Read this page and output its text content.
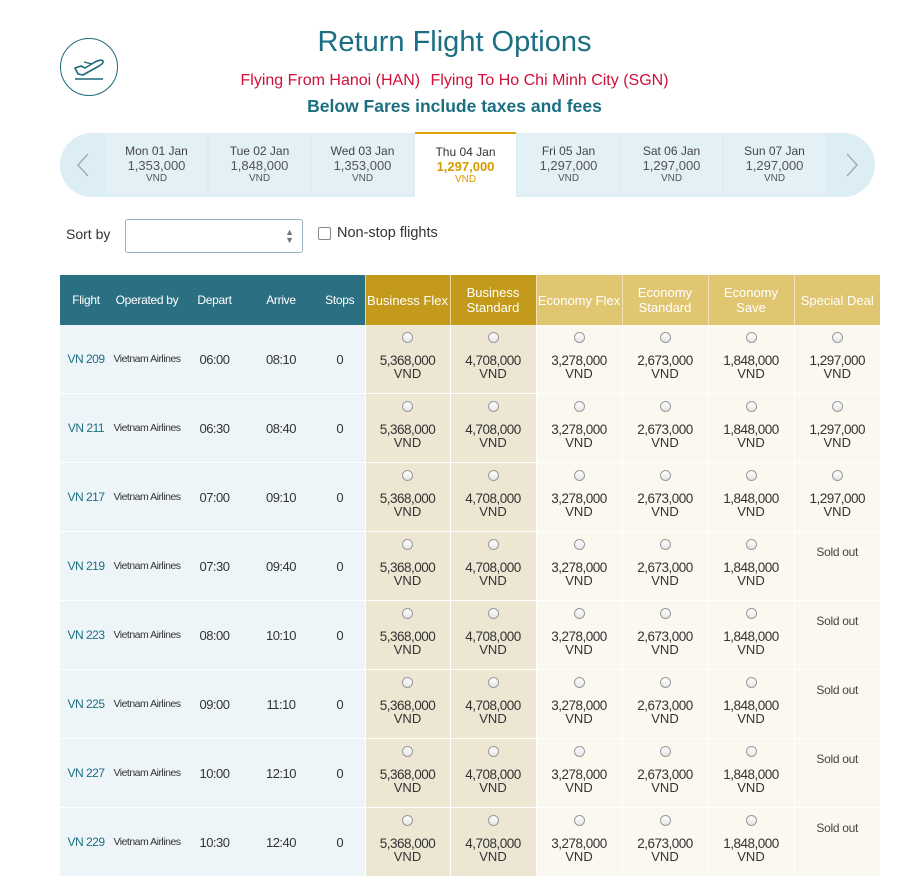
Return Flight Options
Flying From Hanoi (HAN) Flying To Ho Chi Minh City (SGN)
Below Fares include taxes and fees
Mon 01 Jan
1,353,000
VND
Tue 02 Jan
1,848,000
VND
Wed 03 Jan
1,353,000
VND
Thu 04 Jan
1,297,000
VND
Fri 05 Jan
1,297,000
VND
Sat 06 Jan
1,297,000
VND
Sun 07 Jan
1,297,000
VND
Sort by	▲
▼	Non-stop flights
Flight	Operated by	Depart	Arrive	Stops	Business Flex	Business Standard	Economy Flex	Economy Standard	Economy Save	Special Deal
VN 209	Vietnam Airlines	06:00	08:10	0	5,368,000
VND	4,708,000
VND	3,278,000
VND	2,673,000
VND	1,848,000
VND	1,297,000
VND

VN 211	Vietnam Airlines	06:30	08:40	0	5,368,000
VND	4,708,000
VND	3,278,000
VND	2,673,000
VND	1,848,000
VND	1,297,000
VND

VN 217	Vietnam Airlines	07:00	09:10	0	5,368,000
VND	4,708,000
VND	3,278,000
VND	2,673,000
VND	1,848,000
VND	1,297,000
VND

VN 219	Vietnam Airlines	07:30	09:40	0	5,368,000
VND	4,708,000
VND	3,278,000
VND	2,673,000
VND	1,848,000
VND	Sold out

VN 223	Vietnam Airlines	08:00	10:10	0	5,368,000
VND	4,708,000
VND	3,278,000
VND	2,673,000
VND	1,848,000
VND	Sold out

VN 225	Vietnam Airlines	09:00	11:10	0	5,368,000
VND	4,708,000
VND	3,278,000
VND	2,673,000
VND	1,848,000
VND	Sold out

VN 227	Vietnam Airlines	10:00	12:10	0	5,368,000
VND	4,708,000
VND	3,278,000
VND	2,673,000
VND	1,848,000
VND	Sold out

VN 229	Vietnam Airlines	10:30	12:40	0	5,368,000
VND	4,708,000
VND	3,278,000
VND	2,673,000
VND	1,848,000
VND	Sold out
